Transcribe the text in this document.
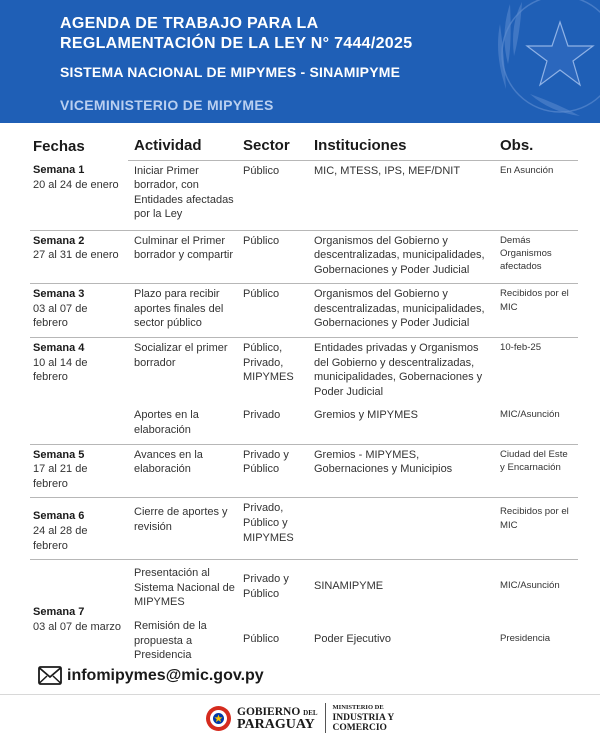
AGENDA DE TRABAJO PARA LA
REGLAMENTACIÓN DE LA LEY N° 7444/2025
SISTEMA NACIONAL DE MIPYMES - SINAMIPYME
VICEMINISTERIO DE MIPYMES
Fechas	Actividad	Sector	Instituciones	Obs.

Semana 1
20 al 24 de enero	Iniciar Primer borrador, con Entidades afectadas por la Ley	Público	MIC, MTESS, IPS, MEF/DNIT	En Asunción

Semana 2
27 al 31 de enero	Culminar el Primer borrador y compartir	Público	Organismos del Gobierno y descentralizadas, municipalidades, Gobernaciones y Poder Judicial	Demás Organismos afectados

Semana 3
03 al 07 de febrero	Plazo para recibir aportes finales del sector público	Público	Organismos del Gobierno y descentralizadas, municipalidades, Gobernaciones y Poder Judicial	Recibidos por el MIC

Semana 4
10 al 14 de febrero	Socializar el primer borrador	Público, Privado, MIPYMES	Entidades privadas y Organismos del Gobierno y descentralizadas, municipalidades, Gobernaciones y Poder Judicial	10-feb-25

	Aportes en la elaboración	Privado	Gremios y MIPYMES	MIC/Asunción

Semana 5
17 al 21 de febrero	Avances en la elaboración	Privado y Público	Gremios - MIPYMES, Gobernaciones y Municipios	Ciudad del Este y Encarnación

Semana 6
24 al 28 de febrero	Cierre de aportes y revisión	Privado, Público y MIPYMES		Recibidos por el MIC

Semana 7
03 al 07 de marzo	Presentación al Sistema Nacional de MIPYMES	Privado y Público	SINAMIPYME	MIC/Asunción
	Remisión de la propuesta a Presidencia	Público	Poder Ejecutivo	Presidencia
infomipymes@mic.gov.py
GOBIERNO DEL
PARAGUAY
MINISTERIO DE
INDUSTRIA Y
COMERCIO
